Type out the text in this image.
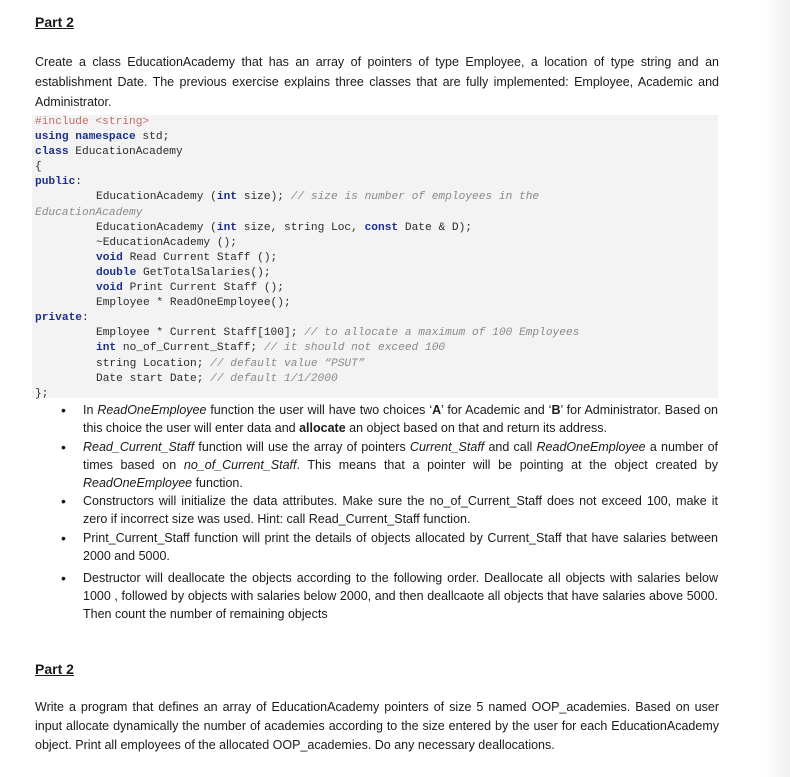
Part 2
Create a class EducationAcademy that has an array of pointers of type Employee, a location of type string and an establishment Date. The previous exercise explains three classes that are fully implemented: Employee, Academic and Administrator.
#include <string>
using namespace std;
class EducationAcademy
{
public:
EducationAcademy (int size); // size is number of employees in the
EducationAcademy
EducationAcademy (int size, string Loc, const Date & D);
~EducationAcademy ();
void Read Current Staff ();
double GetTotalSalaries();
void Print Current Staff ();
Employee * ReadOneEmployee();
private:
Employee * Current Staff[100]; // to allocate a maximum of 100 Employees
int no_of_Current_Staff; // it should not exceed 100
string Location; // default value “PSUT”
Date start Date; // default 1/1/2000
};
• In ReadOneEmployee function the user will have two choices ‘A’ for Academic and ‘B’ for Administrator. Based on this choice the user will enter data and allocate an object based on that and return its address.
• Read_Current_Staff function will use the array of pointers Current_Staff and call ReadOneEmployee a number of times based on no_of_Current_Staff. This means that a pointer will be pointing at the object created by ReadOneEmployee function.
• Constructors will initialize the data attributes. Make sure the no_of_Current_Staff does not exceed 100, make it zero if incorrect size was used. Hint: call Read_Current_Staff function.
• Print_Current_Staff function will print the details of objects allocated by Current_Staff that have salaries between 2000 and 5000.
• Destructor will deallocate the objects according to the following order. Deallocate all objects with salaries below 1000 , followed by objects with salaries below 2000, and then deallcaote all objects that have salaries above 5000. Then count the number of remaining objects
Part 2
Write a program that defines an array of EducationAcademy pointers of size 5 named OOP_academies. Based on user input allocate dynamically the number of academies according to the size entered by the user for each EducationAcademy object. Print all employees of the allocated OOP_academies. Do any necessary deallocations.
